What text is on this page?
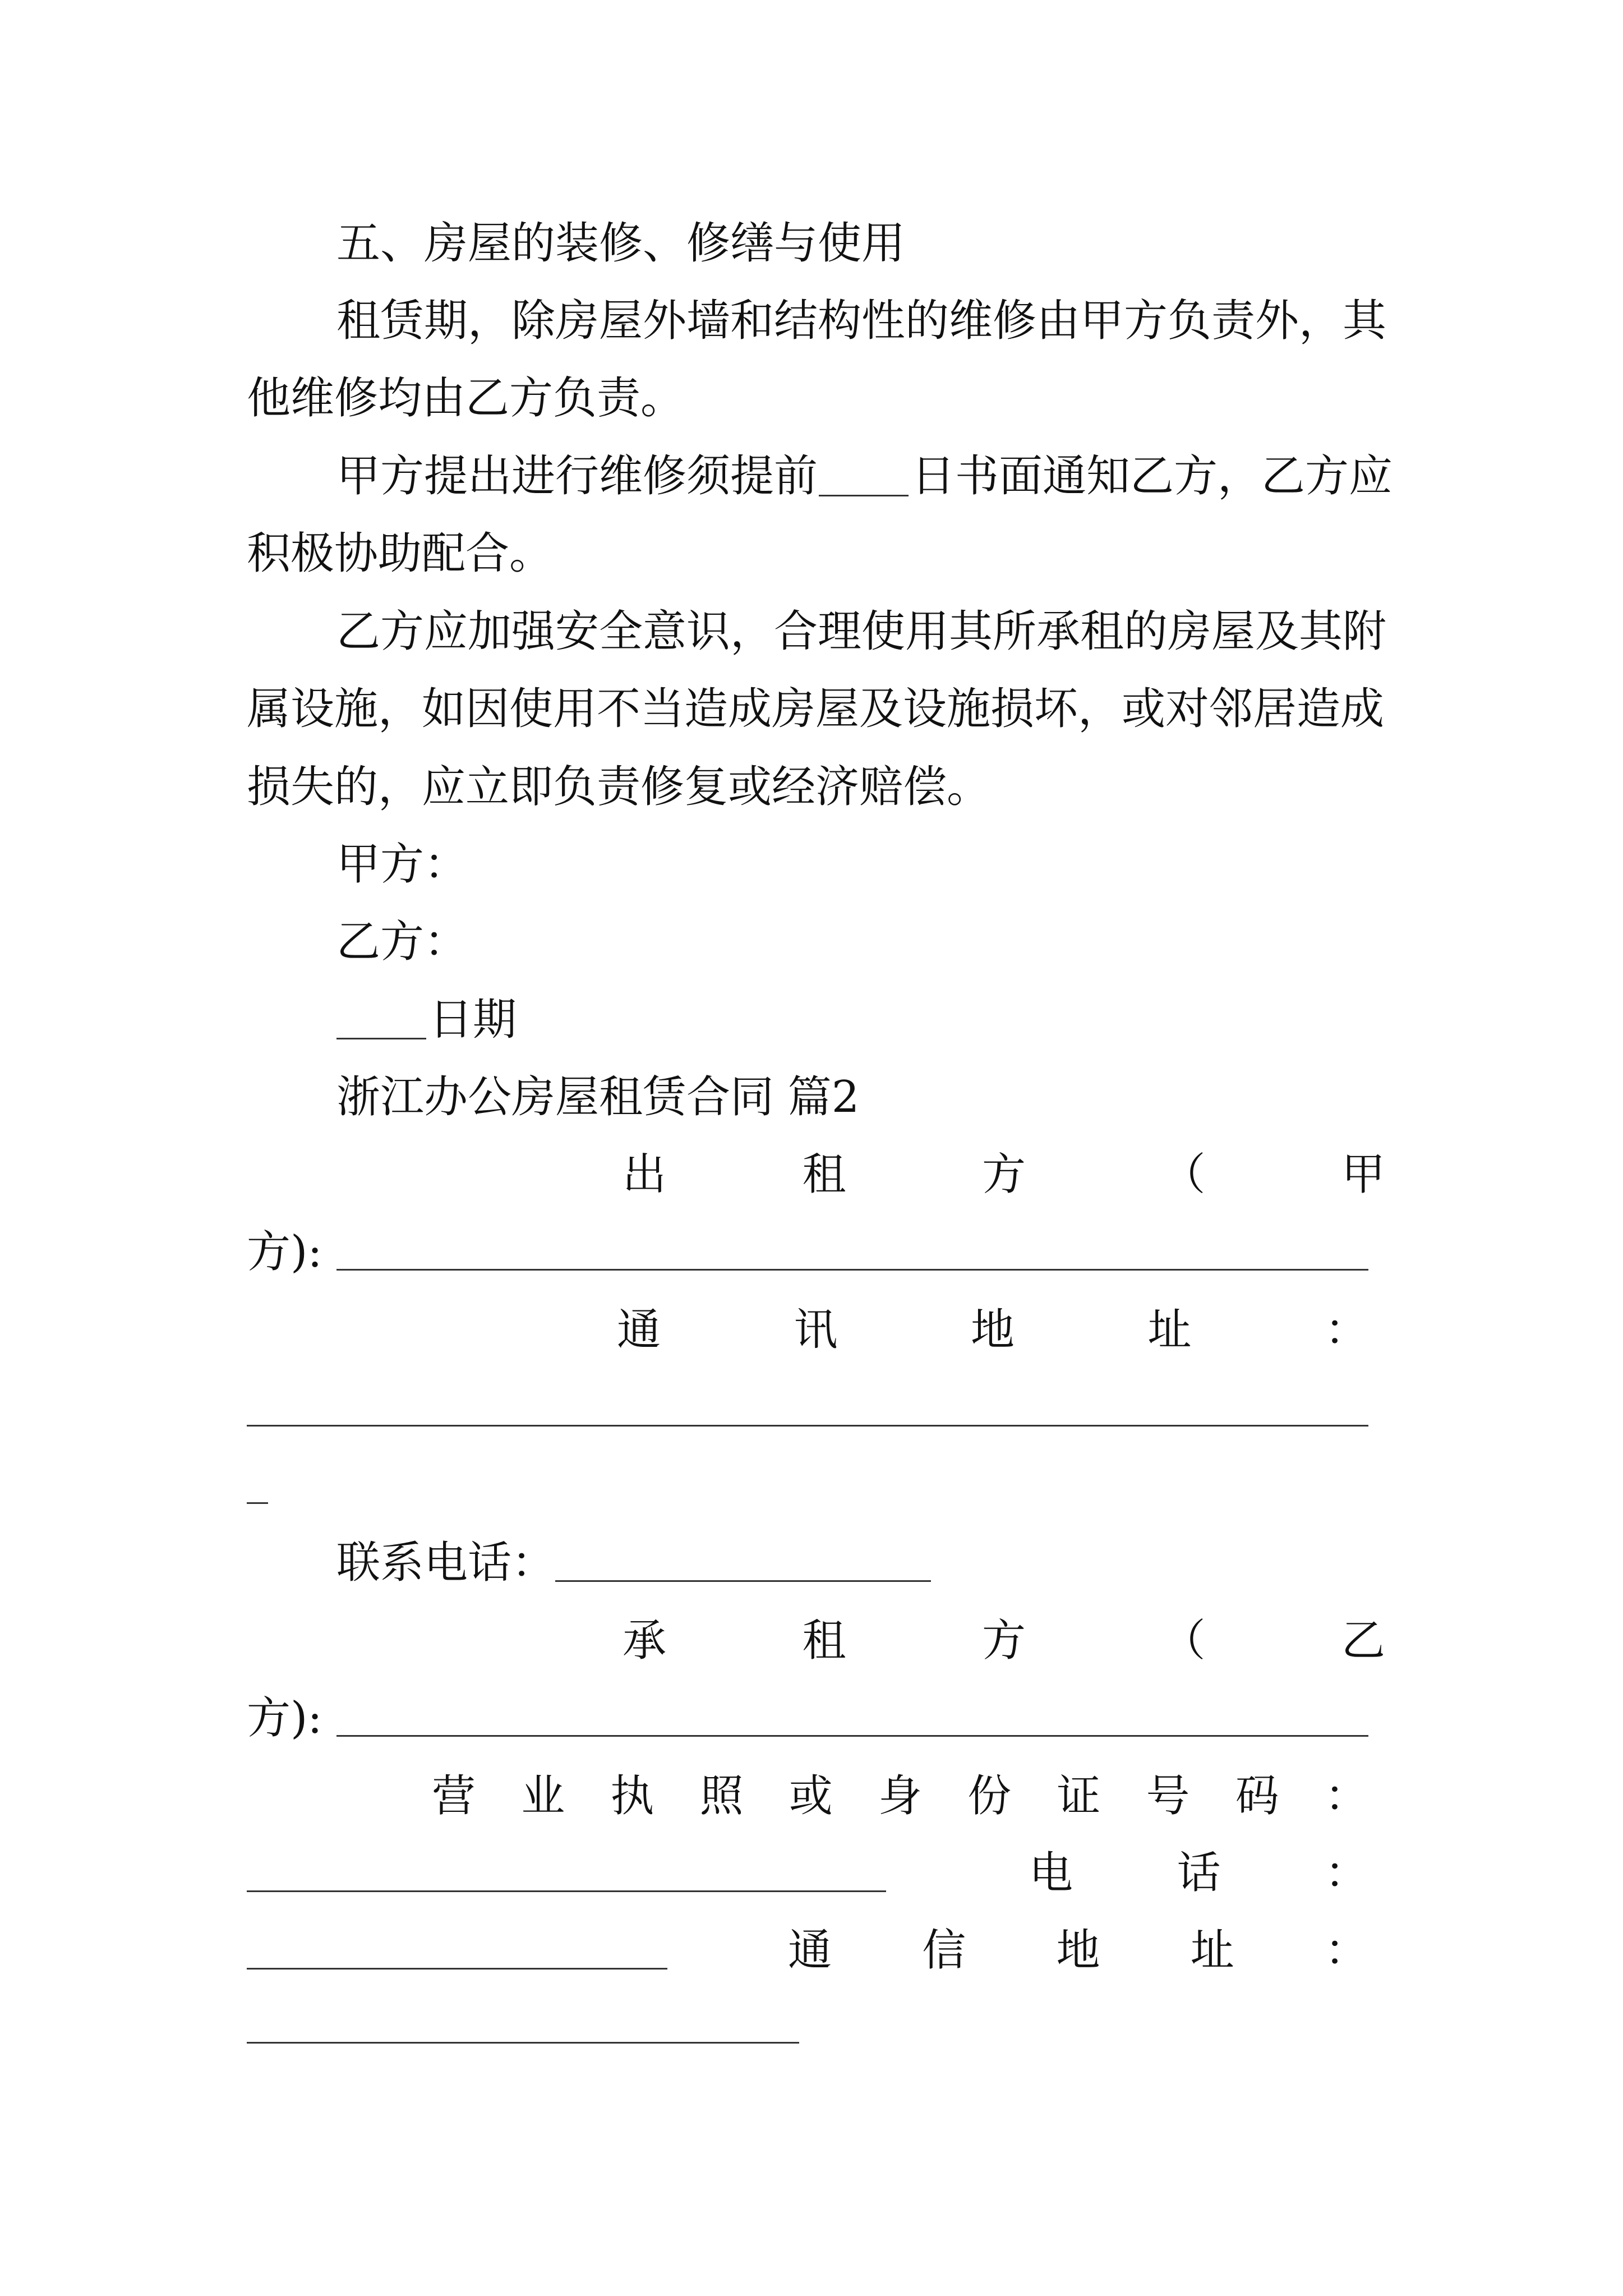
五、房屋的装修、修缮与使用
租赁期，除房屋外墙和结构性的维修由甲方负责外，其
他维修均由乙方负责。
甲方提出进行维修须提前 日书面通知乙方，乙方应
积极协助配合。
乙方应加强安全意识，合理使用其所承租的房屋及其附
属设施，如因使用不当造成房屋及设施损坏，或对邻居造成
损失的，应立即负责修复或经济赔偿。
甲方：
乙方：
日期
浙江办公房屋租赁合同 篇2
出	租	方	（	甲
方):
通	讯	地	址	：
联系电话：
承	租	方	（	乙
方):
营 业 执 照 或 身 份 证 号 码 ：
电 话 ：
通 信 地 址 ：
